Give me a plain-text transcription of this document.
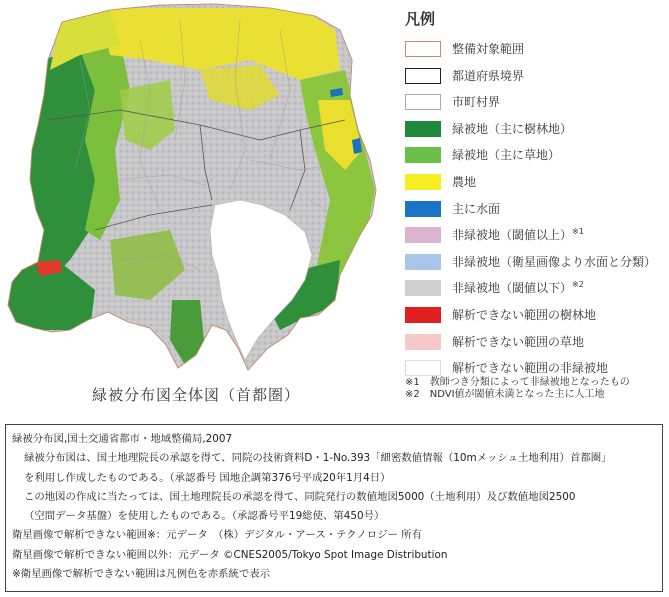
緑被分布図全体図（首都圏）
凡例
整備対象範囲
都道府県境界
市町村界
緑被地（主に樹林地）
緑被地（主に草地）
農地
主に水面
非緑被地（閾値以上）$^{※1}$
非緑被地（衛星画像より水面と分類）
非緑被地（閾値以下）$^{※2}$
解析できない範囲の樹林地
解析できない範囲の草地
解析できない範囲の非緑被地
※1　教師つき分類によって非緑被地となったもの
※2　NDVI値が閾値未満となった主に人工地
緑被分布図,国土交通省都市・地域整備局,2007
緑被分布図は、国土地理院長の承認を得て、同院の技術資料D・1-No.393「細密数値情報（10mメッシュ土地利用）首都圏」
を利用し作成したものである。（承認番号 国地企調第376号平成20年1月4日）
この地図の作成に当たっては、国土地理院長の承認を得て、同院発行の数値地図5000（土地利用）及び数値地図2500
（空間データ基盤）を使用したものである。（承認番号平19総使、第450号）
衛星画像で解析できない範囲※：元データ　（株）デジタル・アース・テクノロジー 所有
衛星画像で解析できない範囲以外：元データ ©CNES2005/Tokyo Spot Image Distribution
※衛星画像で解析できない範囲は凡例色を赤系統で表示
